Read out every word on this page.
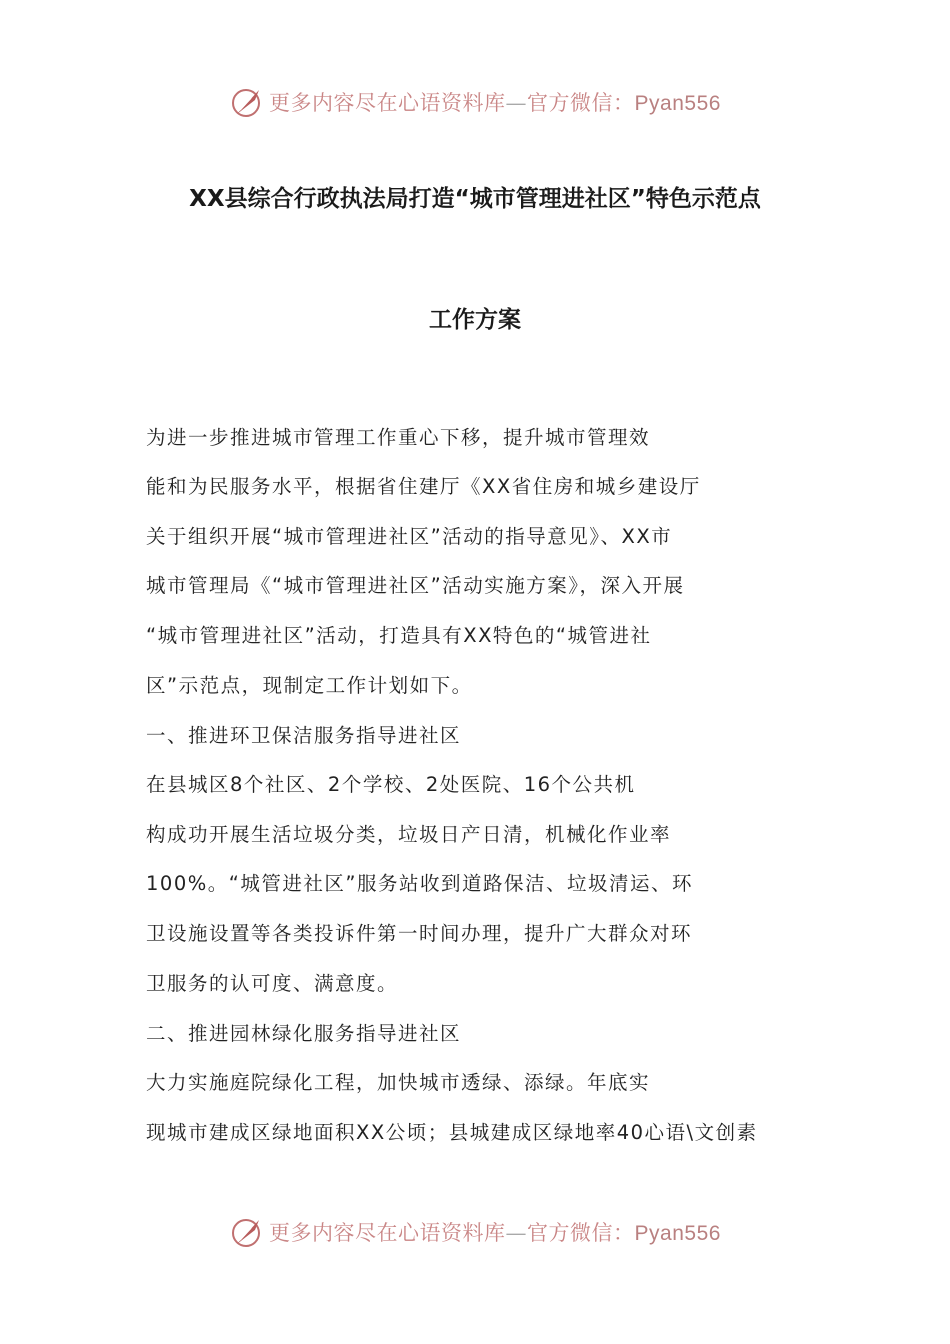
更多内容尽在心语资料库—官方微信：Pyan556
XX县综合行政执法局打造“城市管理进社区”特色示范点
工作方案
为进一步推进城市管理工作重心下移，提升城市管理效
能和为民服务水平，根据省住建厅《XX省住房和城乡建设厅
关于组织开展“城市管理进社区”活动的指导意见》、XX市
城市管理局《“城市管理进社区”活动实施方案》，深入开展
“城市管理进社区”活动，打造具有XX特色的“城管进社
区”示范点，现制定工作计划如下。
一、推进环卫保洁服务指导进社区
在县城区8个社区、2个学校、2处医院、16个公共机
构成功开展生活垃圾分类，垃圾日产日清，机械化作业率
100%。“城管进社区”服务站收到道路保洁、垃圾清运、环
卫设施设置等各类投诉件第一时间办理，提升广大群众对环
卫服务的认可度、满意度。
二、推进园林绿化服务指导进社区
大力实施庭院绿化工程，加快城市透绿、添绿。年底实
现城市建成区绿地面积XX公顷；县城建成区绿地率40心语\文创素
更多内容尽在心语资料库—官方微信：Pyan556
